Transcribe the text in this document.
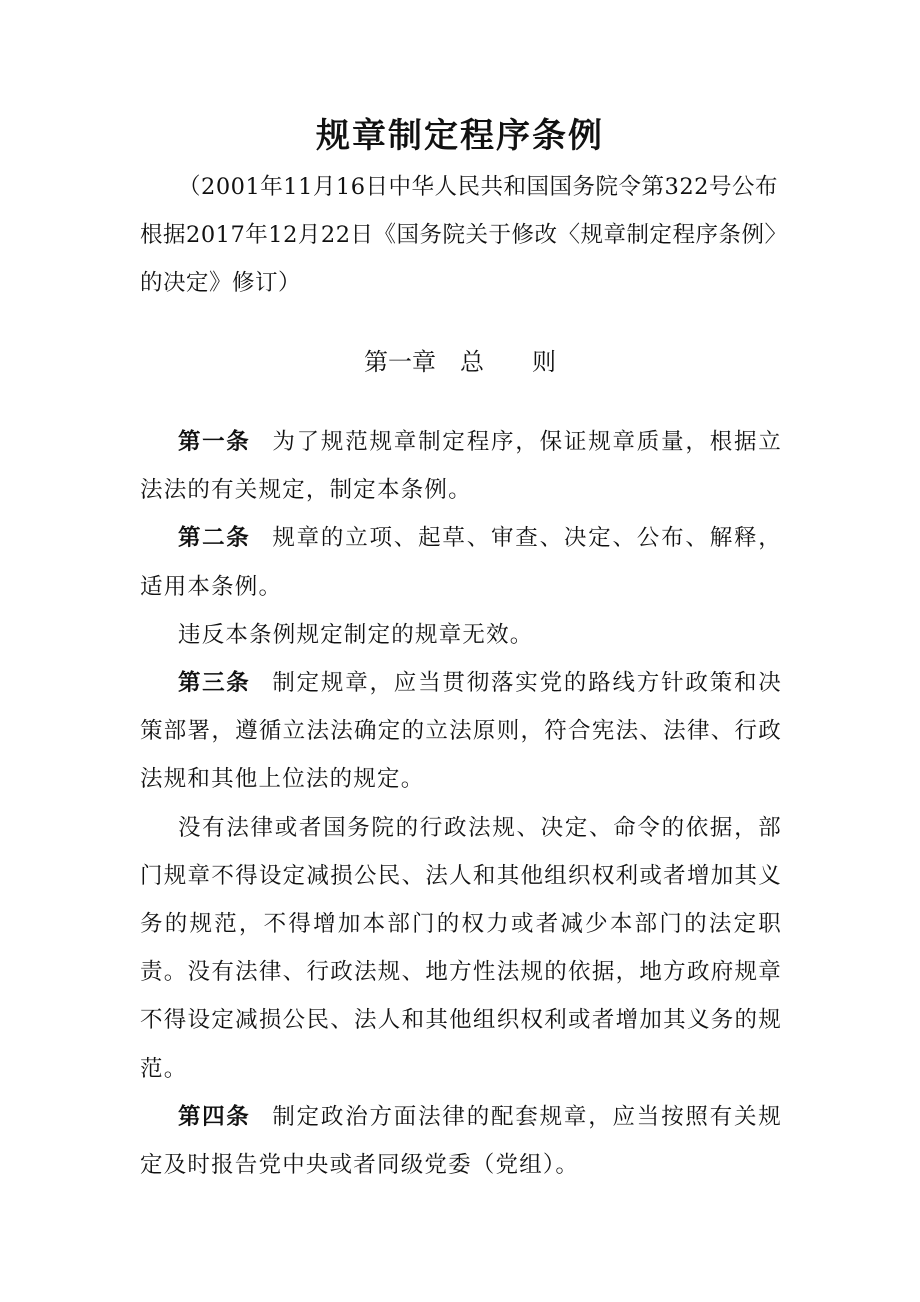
规章制定程序条例
（2001年11月16日中华人民共和国国务院令第322号公布　根据2017年12月22日《国务院关于修改〈规章制定程序条例〉的决定》修订）
第一章　总　　则

第一条 为了规范规章制定程序，保证规章质量，根据立法法的有关规定，制定本条例。

第二条 规章的立项、起草、审查、决定、公布、解释，适用本条例。

违反本条例规定制定的规章无效。

第三条 制定规章，应当贯彻落实党的路线方针政策和决策部署，遵循立法法确定的立法原则，符合宪法、法律、行政法规和其他上位法的规定。

没有法律或者国务院的行政法规、决定、命令的依据，部门规章不得设定减损公民、法人和其他组织权利或者增加其义务的规范，不得增加本部门的权力或者减少本部门的法定职责。没有法律、行政法规、地方性法规的依据，地方政府规章不得设定减损公民、法人和其他组织权利或者增加其义务的规范。

第四条 制定政治方面法律的配套规章，应当按照有关规定及时报告党中央或者同级党委（党组）。
